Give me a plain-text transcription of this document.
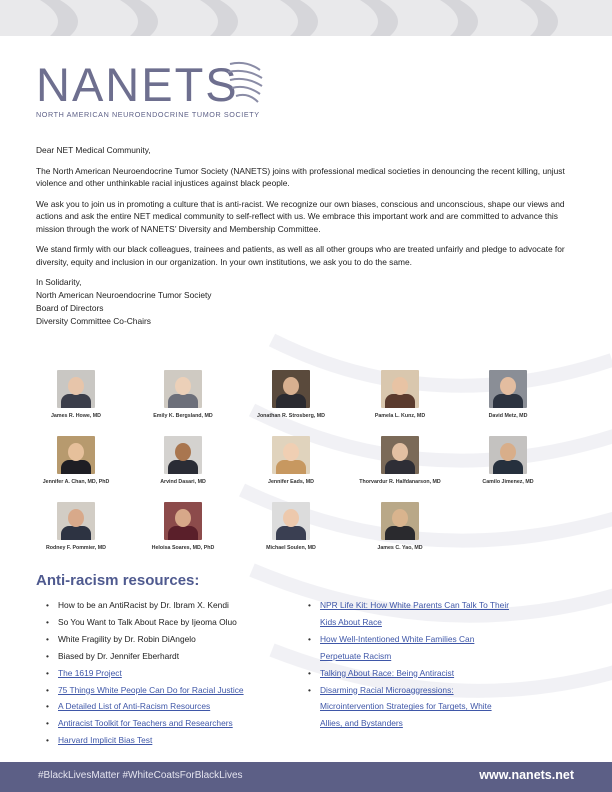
NANETS
NORTH AMERICAN NEUROENDOCRINE TUMOR SOCIETY

Dear NET Medical Community,

The North American Neuroendocrine Tumor Society (NANETS) joins with professional medical societies in denouncing the recent killing, unjust violence and other unthinkable racial injustices against black people.

We ask you to join us in promoting a culture that is anti-racist. We recognize our own biases, conscious and unconscious, shape our views and actions and ask the entire NET medical community to self-reflect with us. We embrace this important work and are committed to advance this mission through the work of NANETS’ Diversity and Membership Committee.

We stand firmly with our black colleagues, trainees and patients, as well as all other groups who are treated unfairly and pledge to advocate for diversity, equity and inclusion in our organization. In your own institutions, we ask you to do the same.

In Solidarity,
North American Neuroendocrine Tumor Society
Board of Directors
Diversity Committee Co-Chairs
James R. Howe, MD	Emily K. Bergsland, MD	Jonathan R. Strosberg, MD	Pamela L. Kunz, MD	David Metz, MD
Jennifer A. Chan, MD, PhD	Arvind Dasari, MD	Jennifer Eads, MD	Thorvardur R. Halfdanarson, MD	Camilo Jimenez, MD
Rodney F. Pommier, MD	Heloisa Soares, MD, PhD	Michael Soulen, MD	James C. Yao, MD
Anti-racism resources:
• How to be an AntiRacist by Dr. Ibram X. Kendi
• So You Want to Talk About Race by Ijeoma Oluo
• White Fragility by Dr. Robin DiAngelo
• Biased by Dr. Jennifer Eberhardt
• The 1619 Project
• 75 Things White People Can Do for Racial Justice
• A Detailed List of Anti-Racism Resources
• Antiracist Toolkit for Teachers and Researchers
• Harvard Implicit Bias Test
• NPR Life Kit: How White Parents Can Talk To Their
Kids About Race
• How Well-Intentioned White Families Can
Perpetuate Racism
• Talking About Race: Being Antiracist
• Disarming Racial Microaggressions:
Microintervention Strategies for Targets, White
Allies, and Bystanders
#BlackLivesMatter #WhiteCoatsForBlackLives	www.nanets.net
